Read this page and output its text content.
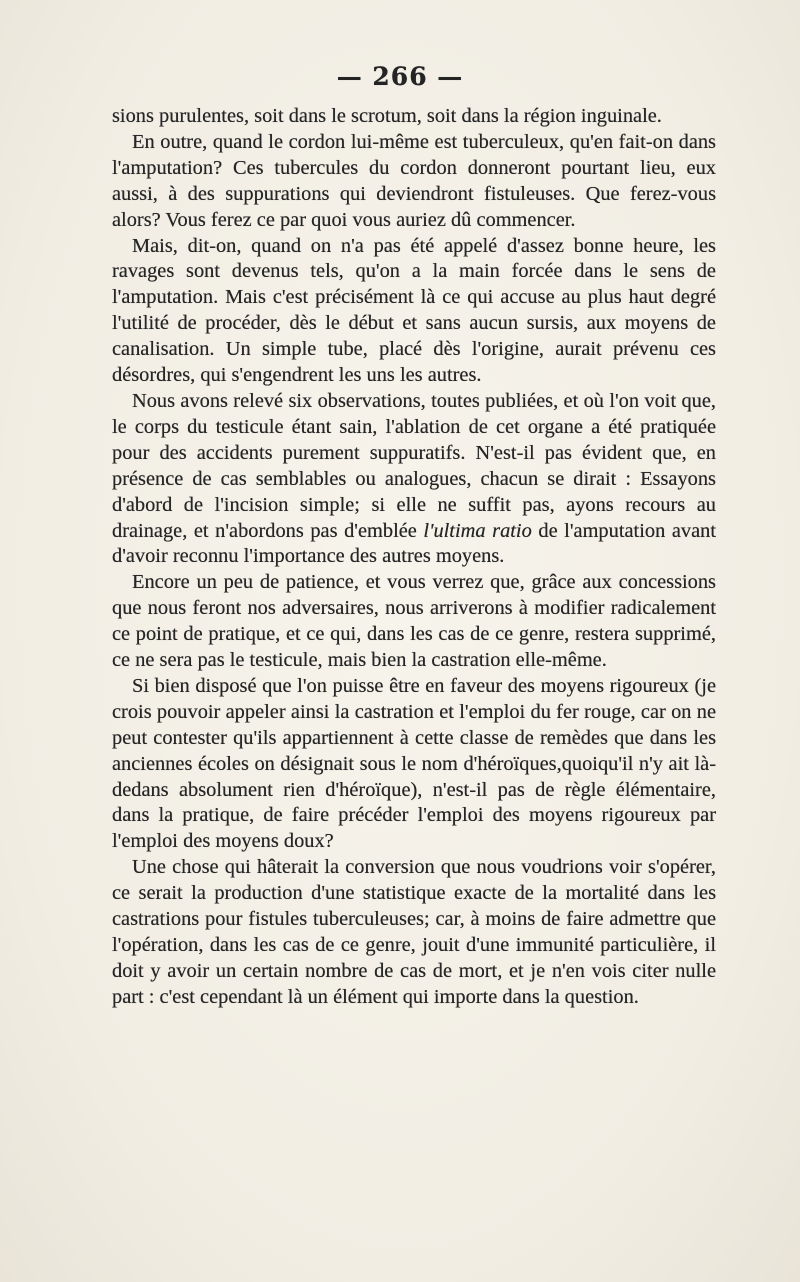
— 266 —

sions purulentes, soit dans le scrotum, soit dans la région inguinale.

En outre, quand le cordon lui-même est tuberculeux, qu'en fait-on dans l'amputation? Ces tubercules du cordon donneront pourtant lieu, eux aussi, à des suppurations qui deviendront fistuleuses. Que ferez-vous alors? Vous ferez ce par quoi vous auriez dû commencer.

Mais, dit-on, quand on n'a pas été appelé d'assez bonne heure, les ravages sont devenus tels, qu'on a la main forcée dans le sens de l'amputation. Mais c'est précisément là ce qui accuse au plus haut degré l'utilité de procéder, dès le début et sans aucun sursis, aux moyens de canalisation. Un simple tube, placé dès l'origine, aurait prévenu ces désordres, qui s'engendrent les uns les autres.

Nous avons relevé six observations, toutes publiées, et où l'on voit que, le corps du testicule étant sain, l'ablation de cet organe a été pratiquée pour des accidents purement suppuratifs. N'est-il pas évident que, en présence de cas semblables ou analogues, chacun se dirait : Essayons d'abord de l'incision simple; si elle ne suffit pas, ayons recours au drainage, et n'abordons pas d'emblée l'ultima ratio de l'amputation avant d'avoir reconnu l'importance des autres moyens.

Encore un peu de patience, et vous verrez que, grâce aux concessions que nous feront nos adversaires, nous arriverons à modifier radicalement ce point de pratique, et ce qui, dans les cas de ce genre, restera supprimé, ce ne sera pas le testicule, mais bien la castration elle-même.

Si bien disposé que l'on puisse être en faveur des moyens rigoureux (je crois pouvoir appeler ainsi la castration et l'emploi du fer rouge, car on ne peut contester qu'ils appartiennent à cette classe de remèdes que dans les anciennes écoles on désignait sous le nom d'héroïques,quoiqu'il n'y ait là-dedans absolument rien d'héroïque), n'est-il pas de règle élémentaire, dans la pratique, de faire précéder l'emploi des moyens rigoureux par l'emploi des moyens doux?

Une chose qui hâterait la conversion que nous voudrions voir s'opérer, ce serait la production d'une statistique exacte de la mortalité dans les castrations pour fistules tuberculeuses; car, à moins de faire admettre que l'opération, dans les cas de ce genre, jouit d'une immunité particulière, il doit y avoir un certain nombre de cas de mort, et je n'en vois citer nulle part : c'est cependant là un élément qui importe dans la question.
